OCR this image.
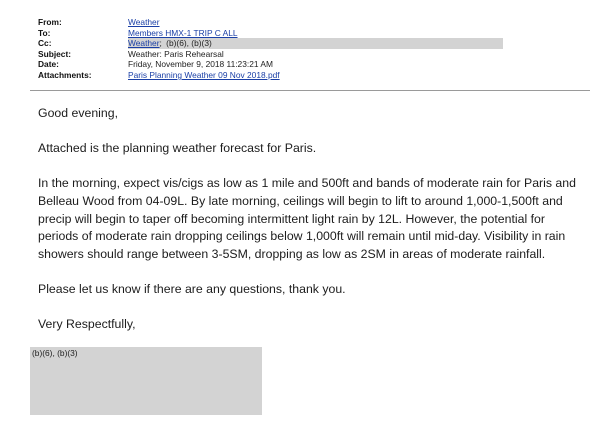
From:	Weather
To:	Members HMX-1 TRIP C ALL
Cc:	Weather; (b)(6), (b)(3)
Subject:	Weather: Paris Rehearsal
Date:	Friday, November 9, 2018 11:23:21 AM
Attachments:	Paris Planning Weather 09 Nov 2018.pdf

Good evening,

Attached is the planning weather forecast for Paris.

In the morning, expect vis/cigs as low as 1 mile and 500ft and bands of moderate rain for Paris and Belleau Wood from 04-09L. By late morning, ceilings will begin to lift to around 1,000-1,500ft and precip will begin to taper off becoming intermittent light rain by 12L. However, the potential for periods of moderate rain dropping ceilings below 1,000ft will remain until mid-day. Visibility in rain showers should range between 3-5SM, dropping as low as 2SM in areas of moderate rainfall.

Please let us know if there are any questions, thank you.

Very Respectfully,

(b)(6), (b)(3)
